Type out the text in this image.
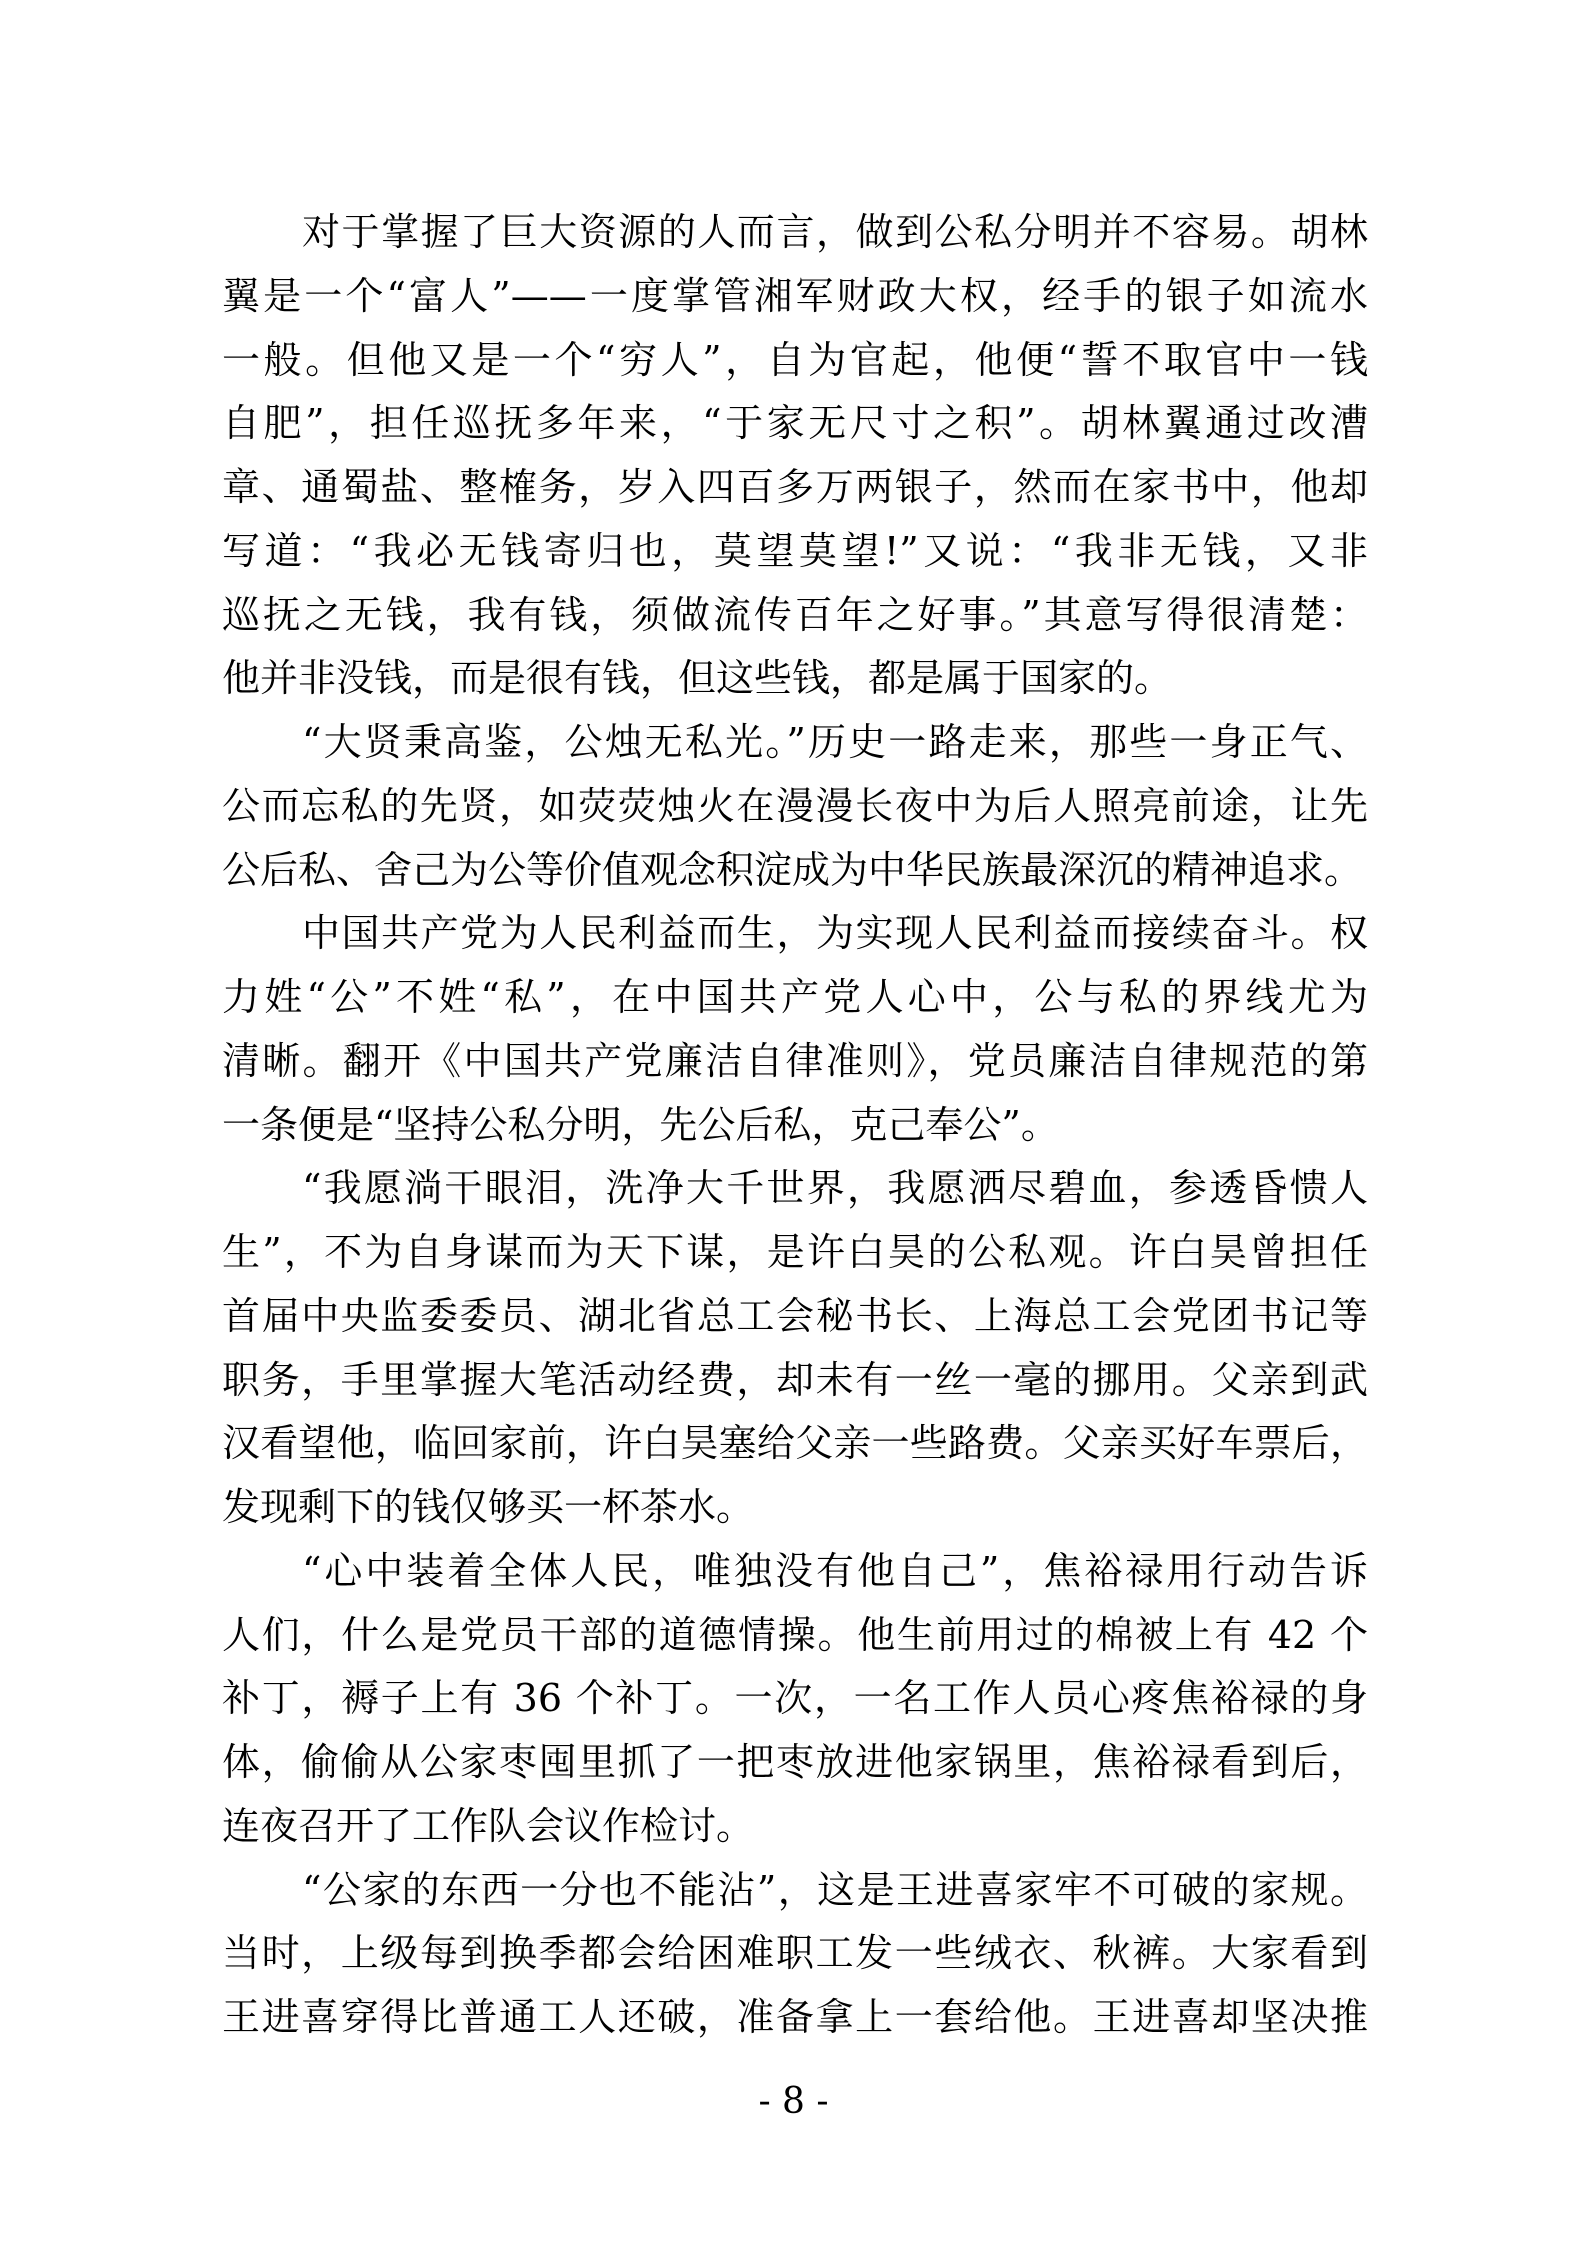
对于掌握了巨大资源的人而言，做到公私分明并不容易。胡林
翼是一个“富人”——一度掌管湘军财政大权，经手的银子如流水
一般。但他又是一个“穷人”，自为官起，他便“誓不取官中一钱
自肥”，担任巡抚多年来，“于家无尺寸之积”。胡林翼通过改漕
章、通蜀盐、整榷务，岁入四百多万两银子，然而在家书中，他却
写道：“我必无钱寄归也，莫望莫望!”又说：“我非无钱，又非
巡抚之无钱，我有钱，须做流传百年之好事。”其意写得很清楚：
他并非没钱，而是很有钱，但这些钱，都是属于国家的。
“大贤秉高鉴，公烛无私光。”历史一路走来，那些一身正气、
公而忘私的先贤，如荧荧烛火在漫漫长夜中为后人照亮前途，让先
公后私、舍己为公等价值观念积淀成为中华民族最深沉的精神追求。
中国共产党为人民利益而生，为实现人民利益而接续奋斗。权
力姓“公”不姓“私”，在中国共产党人心中，公与私的界线尤为
清晰。翻开《中国共产党廉洁自律准则》，党员廉洁自律规范的第
一条便是“坚持公私分明，先公后私，克己奉公”。
“我愿淌干眼泪，洗净大千世界，我愿洒尽碧血，参透昏愦人
生”，不为自身谋而为天下谋，是许白昊的公私观。许白昊曾担任
首届中央监委委员、湖北省总工会秘书长、上海总工会党团书记等
职务，手里掌握大笔活动经费，却未有一丝一毫的挪用。父亲到武
汉看望他，临回家前，许白昊塞给父亲一些路费。父亲买好车票后，
发现剩下的钱仅够买一杯茶水。
“心中装着全体人民，唯独没有他自己”，焦裕禄用行动告诉
人们，什么是党员干部的道德情操。他生前用过的棉被上有 42 个
补丁，褥子上有 36 个补丁。一次，一名工作人员心疼焦裕禄的身
体，偷偷从公家枣囤里抓了一把枣放进他家锅里，焦裕禄看到后，
连夜召开了工作队会议作检讨。
“公家的东西一分也不能沾”，这是王进喜家牢不可破的家规。
当时，上级每到换季都会给困难职工发一些绒衣、秋裤。大家看到
王进喜穿得比普通工人还破，准备拿上一套给他。王进喜却坚决推
- 8 -
